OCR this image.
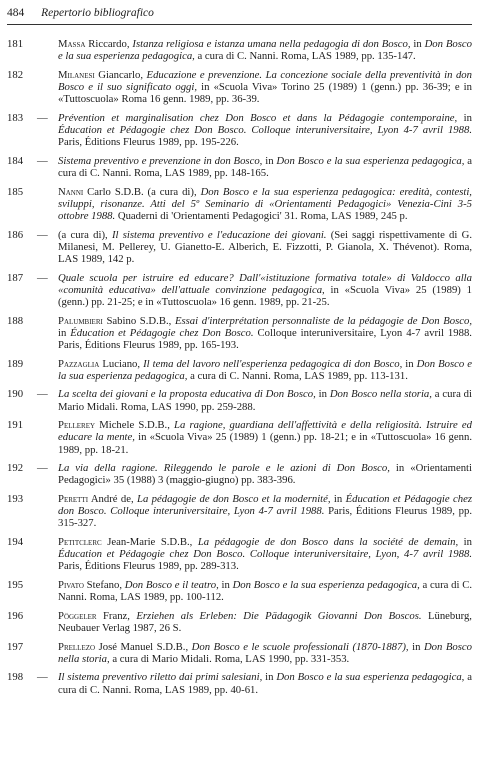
484 Repertorio bibliografico
181	Massa Riccardo, Istanza religiosa e istanza umana nella pedagogia di don Bosco, in Don Bosco e la sua esperienza pedagogica, a cura di C. Nanni. Roma, LAS 1989, pp. 135-147.
182	Milanesi Giancarlo, Educazione e prevenzione. La concezione sociale della preventività in don Bosco e il suo significato oggi, in «Scuola Viva» Torino 25 (1989) 1 (genn.) pp. 36-39; e in «Tuttoscuola» Roma 16 genn. 1989, pp. 36-39.
183 — Prévention et marginalisation chez Don Bosco et dans la Pédagogie contemporaine, in Éducation et Pédagogie chez Don Bosco. Colloque interuniversitaire, Lyon 4-7 avril 1988. Paris, Éditions Fleurus 1989, pp. 195-226.
184 — Sistema preventivo e prevenzione in don Bosco, in Don Bosco e la sua esperienza pedagogica, a cura di C. Nanni. Roma, LAS 1989, pp. 148-165.
185	Nanni Carlo S.D.B. (a cura di), Don Bosco e la sua esperienza pedagogica: eredità, contesti, sviluppi, risonanze. Atti del 5º Seminario di «Orientamenti Pedagogici» Venezia-Cini 3-5 ottobre 1988. Quaderni di 'Orientamenti Pedagogici' 31. Roma, LAS 1989, 245 p.
186 — (a cura di), Il sistema preventivo e l'educazione dei giovani. (Sei saggi rispettivamente di G. Milanesi, M. Pellerey, U. Gianetto-E. Alberich, E. Fizzotti, P. Gianola, X. Thévenot). Roma, LAS 1989, 142 p.
187 — Quale scuola per istruire ed educare? Dall'«istituzione formativa totale» di Valdocco alla «comunità educativa» dell'attuale convinzione pedagogica, in «Scuola Viva» 25 (1989) 1 (genn.) pp. 21-25; e in «Tuttoscuola» 16 genn. 1989, pp. 21-25.
188	Palumbieri Sabino S.D.B., Essai d'interprétation personnaliste de la pédagogie de Don Bosco, in Éducation et Pédagogie chez Don Bosco. Colloque interuniversitaire, Lyon 4-7 avril 1988. Paris, Éditions Fleurus 1989, pp. 165-193.
189	Pazzaglia Luciano, Il tema del lavoro nell'esperienza pedagogica di don Bosco, in Don Bosco e la sua esperienza pedagogica, a cura di C. Nanni. Roma, LAS 1989, pp. 113-131.
190 — La scelta dei giovani e la proposta educativa di Don Bosco, in Don Bosco nella storia, a cura di Mario Midali. Roma, LAS 1990, pp. 259-288.
191	Pellerey Michele S.D.B., La ragione, guardiana dell'affettività e della religiosità. Istruire ed educare la mente, in «Scuola Viva» 25 (1989) 1 (genn.) pp. 18-21; e in «Tuttoscuola» 16 genn. 1989, pp. 18-21.
192 — La via della ragione. Rileggendo le parole e le azioni di Don Bosco, in «Orientamenti Pedagogici» 35 (1988) 3 (maggio-giugno) pp. 383-396.
193	Peretti André de, La pédagogie de don Bosco et la modernité, in Éducation et Pédagogie chez don Bosco. Colloque interuniversitaire, Lyon 4-7 avril 1988. Paris, Éditions Fleurus 1989, pp. 315-327.
194	Petitclerc Jean-Marie S.D.B., La pédagogie de don Bosco dans la société de demain, in Éducation et Pédagogie chez Don Bosco. Colloque interuniversitaire, Lyon, 4-7 avril 1988. Paris, Éditions Fleurus 1989, pp. 289-313.
195	Pivato Stefano, Don Bosco e il teatro, in Don Bosco e la sua esperienza pedagogica, a cura di C. Nanni. Roma, LAS 1989, pp. 100-112.
196	Pöggeler Franz, Erziehen als Erleben: Die Pädagogik Giovanni Don Boscos. Lüneburg, Neubauer Verlag 1987, 26 S.
197	Prellezo José Manuel S.D.B., Don Bosco e le scuole professionali (1870-1887), in Don Bosco nella storia, a cura di Mario Midali. Roma, LAS 1990, pp. 331-353.
198 — Il sistema preventivo riletto dai primi salesiani, in Don Bosco e la sua esperienza pedagogica, a cura di C. Nanni. Roma, LAS 1989, pp. 40-61.
